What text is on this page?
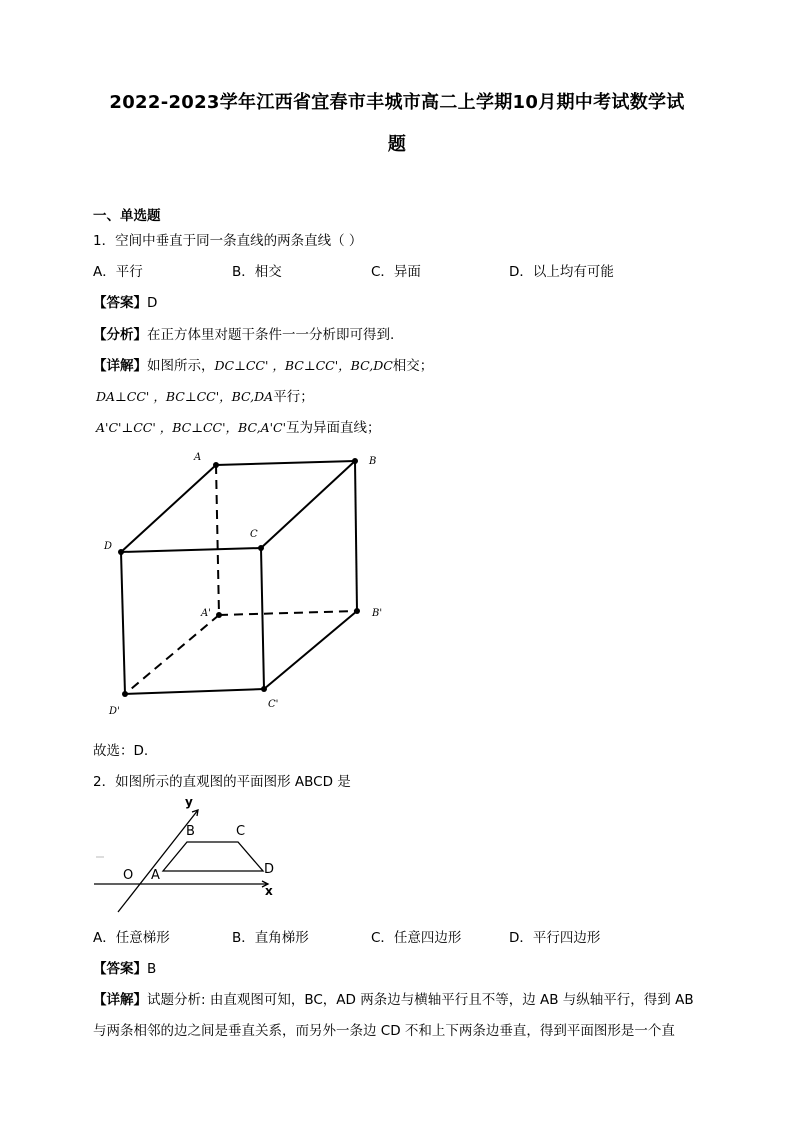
2022-2023学年江西省宜春市丰城市高二上学期10月期中考试数学试
题
一、单选题
1．空间中垂直于同一条直线的两条直线（ ）
A．平行	B．相交	C．异面	D．以上均有可能
【答案】D
【分析】在正方体里对题干条件一一分析即可得到.
【详解】如图所示，DC⊥CC' ，BC⊥CC'，BC,DC相交；
DA⊥CC' ，BC⊥CC'，BC,DA平行；
A'C'⊥CC' ，BC⊥CC'，BC,A'C'互为异面直线；
A	B
C
D
A'	B'
C'
D'
故选：D.
2．如图所示的直观图的平面图形 ABCD 是
y
x
O A
B	C
D
A．任意梯形	B．直角梯形	C．任意四边形	D．平行四边形
【答案】B
【详解】试题分析: 由直观图可知，BC，AD 两条边与横轴平行且不等，边 AB 与纵轴平行，得到 AB
与两条相邻的边之间是垂直关系，而另外一条边 CD 不和上下两条边垂直，得到平面图形是一个直
